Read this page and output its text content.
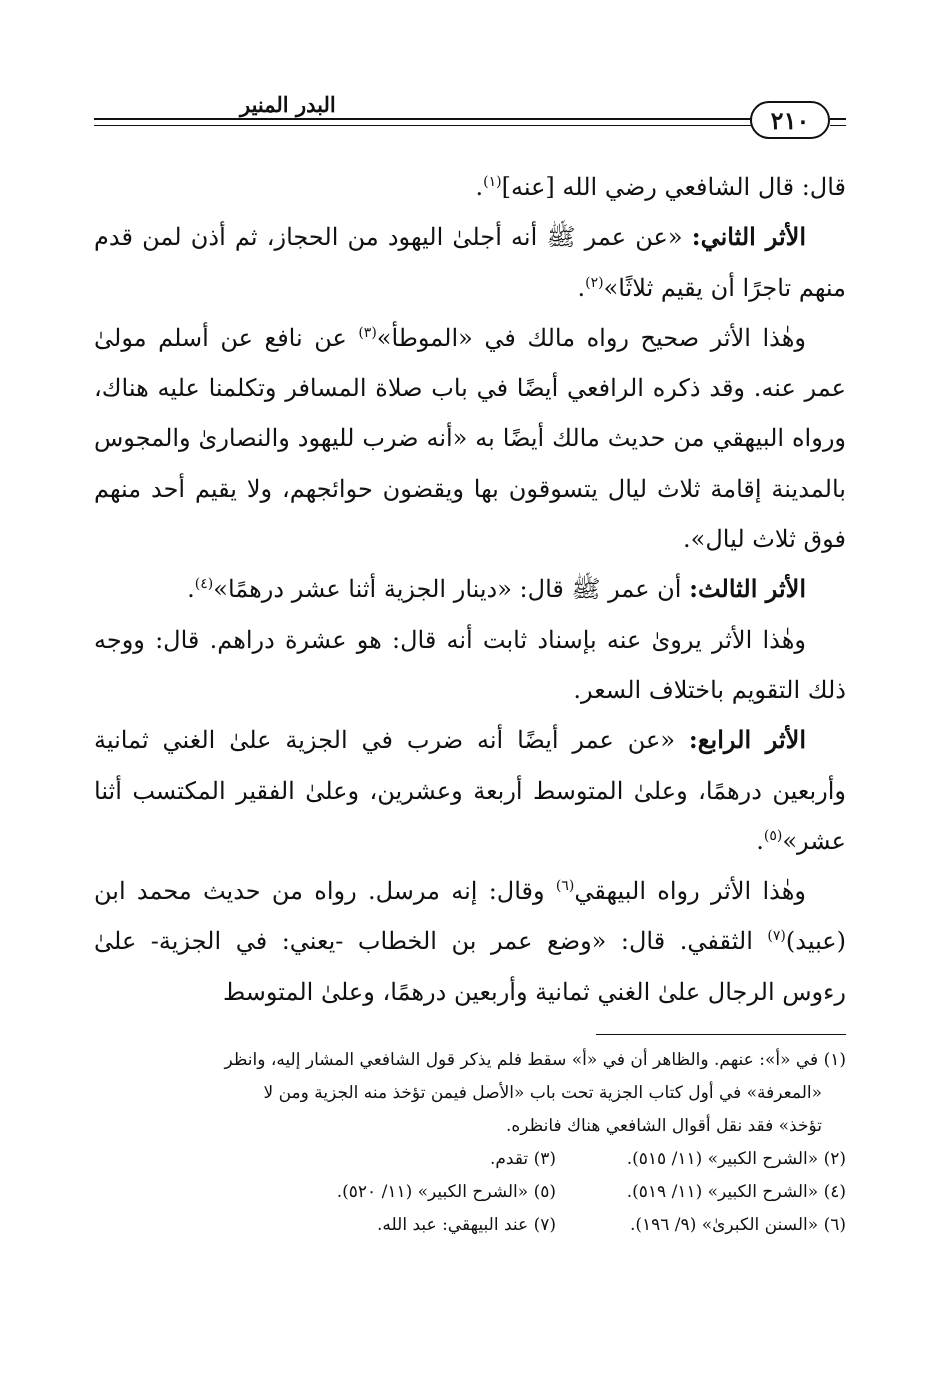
البدر المنير
٢١٠

قال: قال الشافعي رضي الله [عنه]$^{(١)}$.

الأثر الثاني: «عن عمر ﷺ أنه أجلىٰ اليهود من الحجاز، ثم أذن لمن قدم منهم تاجرًا أن يقيم ثلاثًا»$^{(٢)}$.

وهٰذا الأثر صحيح رواه مالك في «الموطأ»$^{(٣)}$ عن نافع عن أسلم مولىٰ عمر عنه. وقد ذكره الرافعي أيضًا في باب صلاة المسافر وتكلمنا عليه هناك، ورواه البيهقي من حديث مالك أيضًا به «أنه ضرب لليهود والنصارىٰ والمجوس بالمدينة إقامة ثلاث ليال يتسوقون بها ويقضون حوائجهم، ولا يقيم أحد منهم فوق ثلاث ليال».

الأثر الثالث: أن عمر ﷺ قال: «دينار الجزية أثنا عشر درهمًا»$^{(٤)}$.

وهٰذا الأثر يروىٰ عنه بإسناد ثابت أنه قال: هو عشرة دراهم. قال: ووجه ذلك التقويم باختلاف السعر.

الأثر الرابع: «عن عمر أيضًا أنه ضرب في الجزية علىٰ الغني ثمانية وأربعين درهمًا، وعلىٰ المتوسط أربعة وعشرين، وعلىٰ الفقير المكتسب أثنا عشر»$^{(٥)}$.

وهٰذا الأثر رواه البيهقي$^{(٦)}$ وقال: إنه مرسل. رواه من حديث محمد ابن (عبيد)$^{(٧)}$ الثقفي. قال: «وضع عمر بن الخطاب -يعني: في الجزية- علىٰ رءوس الرجال علىٰ الغني ثمانية وأربعين درهمًا، وعلىٰ المتوسط

(١) في «أ»: عنهم. والظاهر أن في «أ» سقط فلم يذكر قول الشافعي المشار إليه، وانظر

«المعرفة» في أول كتاب الجزية تحت باب «الأصل فيمن تؤخذ منه الجزية ومن لا

تؤخذ» فقد نقل أقوال الشافعي هناك فانظره.

(٢) «الشرح الكبير» (١١/ ٥١٥).
(٣) تقدم.
(٤) «الشرح الكبير» (١١/ ٥١٩).
(٥) «الشرح الكبير» (١١/ ٥٢٠).
(٦) «السنن الكبرىٰ» (٩/ ١٩٦).
(٧) عند البيهقي: عبد الله.
